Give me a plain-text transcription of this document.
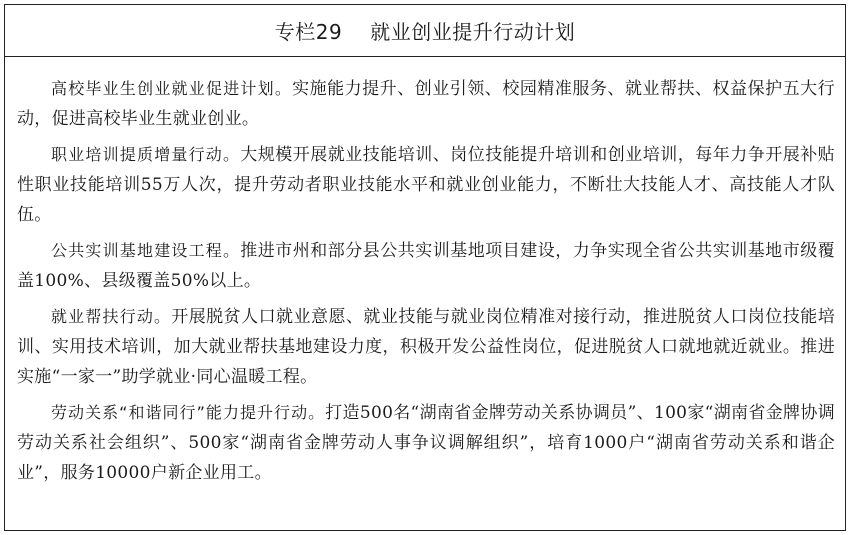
专栏29 就业创业提升行动计划

高校毕业生创业就业促进计划。实施能力提升、创业引领、校园精准服务、就业帮扶、权益保护五大行动，促进高校毕业生就业创业。

职业培训提质增量行动。大规模开展就业技能培训、岗位技能提升培训和创业培训，每年力争开展补贴性职业技能培训55万人次，提升劳动者职业技能水平和就业创业能力，不断壮大技能人才、高技能人才队伍。

公共实训基地建设工程。推进市州和部分县公共实训基地项目建设，力争实现全省公共实训基地市级覆盖100%、县级覆盖50%以上。

就业帮扶行动。开展脱贫人口就业意愿、就业技能与就业岗位精准对接行动，推进脱贫人口岗位技能培训、实用技术培训，加大就业帮扶基地建设力度，积极开发公益性岗位，促进脱贫人口就地就近就业。推进实施“一家一”助学就业·同心温暖工程。

劳动关系“和谐同行”能力提升行动。打造500名“湖南省金牌劳动关系协调员”、100家“湖南省金牌协调劳动关系社会组织”、500家“湖南省金牌劳动人事争议调解组织”，培育1000户“湖南省劳动关系和谐企业”，服务10000户新企业用工。
